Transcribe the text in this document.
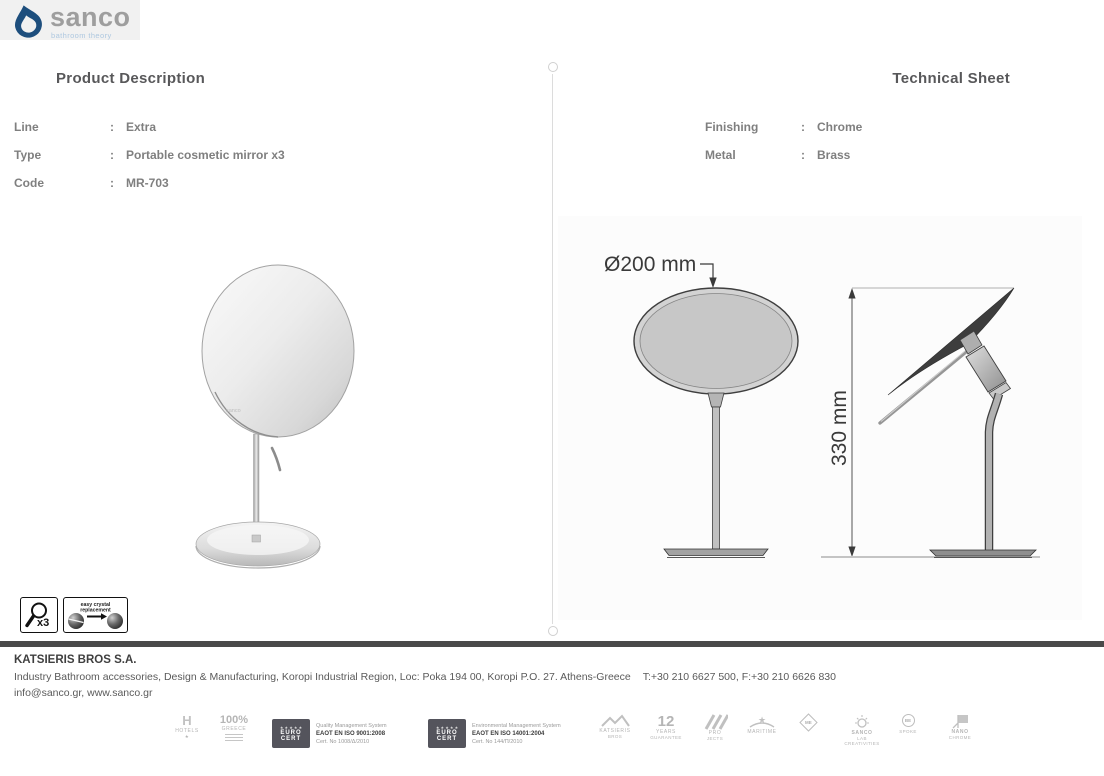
sanco
bathroom theory
Product Description	Technical Sheet
Line	:	Extra
Type	:	Portable cosmetic mirror x3
Code	:	MR-703
Finishing	:	Chrome
Metal	:	Brass
sanco
x3
easy crystal
replacement
Ø200 mm
330 mm
KATSIERIS BROS S.A.
Industry Bathroom accessories, Design & Manufacturing, Koropi Industrial Region, Loc: Poka 194 00, Koropi P.O. 27. Athens-Greece T:+30 210 6627 500, F:+30 210 6626 830
info@sanco.gr, www.sanco.gr
H
HOTELS
★
100%
GREECE	★ ★ ★ ★ ★
EURO
CERT
Quality Management System
EAOT EN ISO 9001:2008
Cert. No 1008/Δ/2010
★ ★ ★ ★ ★
EURO
CERT
Environmental Management System
EAOT EN ISO 14001:2004
Cert. No 144/Π/2010
KATSIERIS
BROS
12
YEARS
GUARANTEE
PRO
JECTS
★
MARITIME
ME
SANCO
LAB
CREATIVITIES
BE
SPOKE	NANO
CHROME
